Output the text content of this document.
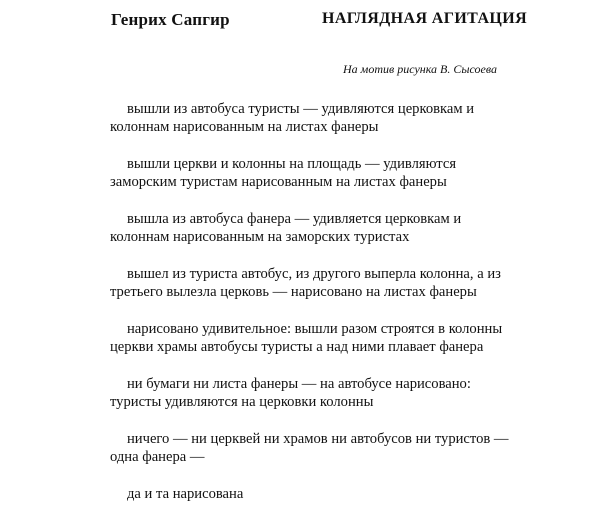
Генрих Сапгир	НАГЛЯДНАЯ АГИТАЦИЯ
На мотив рисунка В. Сысоева

вышли из автобуса туристы — удивляются церковкам и
колоннам нарисованным на листах фанеры

вышли церкви и колонны на площадь — удивляются
заморским туристам нарисованным на листах фанеры

вышла из автобуса фанера — удивляется церковкам и
колоннам нарисованным на заморских туристах

вышел из туриста автобус, из другого выперла колонна, а из
третьего вылезла церковь — нарисовано на листах фанеры

нарисовано удивительное: вышли разом строятся в колонны
церкви храмы автобусы туристы а над ними плавает фанера

ни бумаги ни листа фанеры — на автобусе нарисовано:
туристы удивляются на церковки колонны

ничего — ни церквей ни храмов ни автобусов ни туристов —
одна фанера —

да и та нарисована
